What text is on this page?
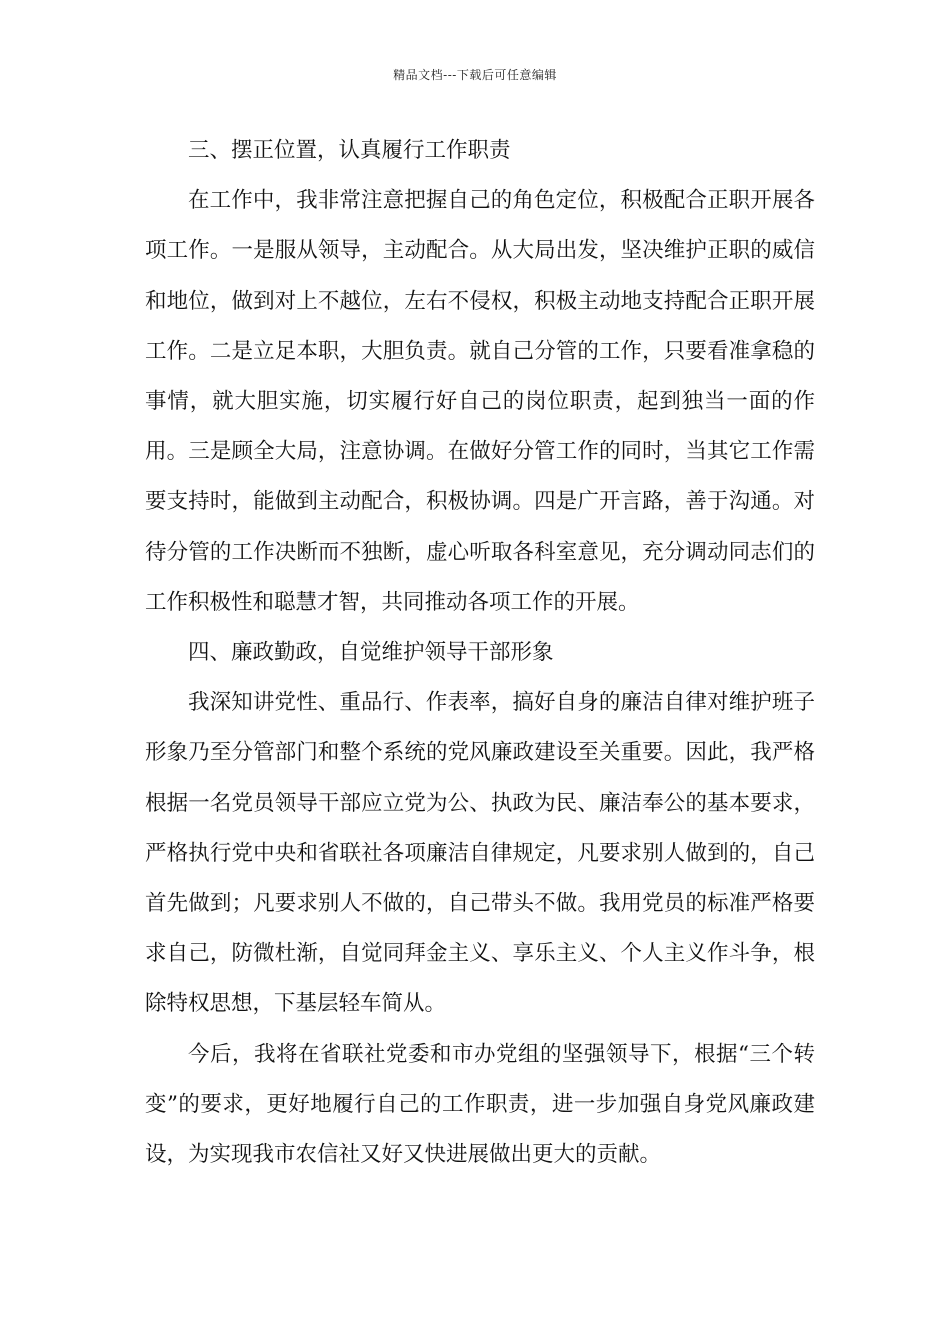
精品文档---下载后可任意编辑

三、摆正位置，认真履行工作职责

在工作中，我非常注意把握自己的角色定位，积极配合正职开展各项工作。一是服从领导，主动配合。从大局出发，坚决维护正职的威信和地位，做到对上不越位，左右不侵权，积极主动地支持配合正职开展工作。二是立足本职，大胆负责。就自己分管的工作，只要看准拿稳的事情，就大胆实施，切实履行好自己的岗位职责，起到独当一面的作用。三是顾全大局，注意协调。在做好分管工作的同时，当其它工作需要支持时，能做到主动配合，积极协调。四是广开言路，善于沟通。对待分管的工作决断而不独断，虚心听取各科室意见，充分调动同志们的工作积极性和聪慧才智，共同推动各项工作的开展。

四、廉政勤政，自觉维护领导干部形象

我深知讲党性、重品行、作表率，搞好自身的廉洁自律对维护班子形象乃至分管部门和整个系统的党风廉政建设至关重要。因此，我严格根据一名党员领导干部应立党为公、执政为民、廉洁奉公的基本要求，严格执行党中央和省联社各项廉洁自律规定，凡要求别人做到的，自己首先做到；凡要求别人不做的，自己带头不做。我用党员的标准严格要求自己，防微杜渐，自觉同拜金主义、享乐主义、个人主义作斗争，根除特权思想，下基层轻车简从。

今后，我将在省联社党委和市办党组的坚强领导下，根据“三个转变”的要求，更好地履行自己的工作职责，进一步加强自身党风廉政建设，为实现我市农信社又好又快进展做出更大的贡献。
